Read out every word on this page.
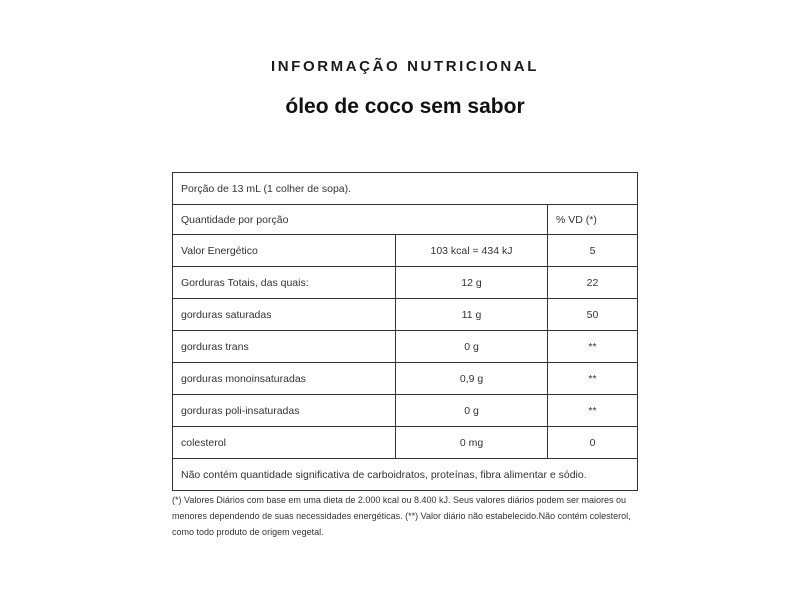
INFORMAÇÃO NUTRICIONAL
óleo de coco sem sabor
Porção de 13 mL (1 colher de sopa).		
Quantidade por porção		% VD (*)
Valor Energético	103 kcal = 434 kJ	5
Gorduras Totais, das quais:	12 g	22
gorduras saturadas	11 g	50
gorduras trans	0 g	**
gorduras monoinsaturadas	0,9 g	**
gorduras poli-insaturadas	0 g	**
colesterol	0 mg	0
Não contém quantidade significativa de carboidratos, proteínas, fibra alimentar e sódio.		
(*) Valores Diários com base em uma dieta de 2.000 kcal ou 8.400 kJ. Seus valores diários podem ser maiores ou menores dependendo de suas necessidades energéticas. (**) Valor diário não estabelecido.Não contém colesterol, como todo produto de origem vegetal.
